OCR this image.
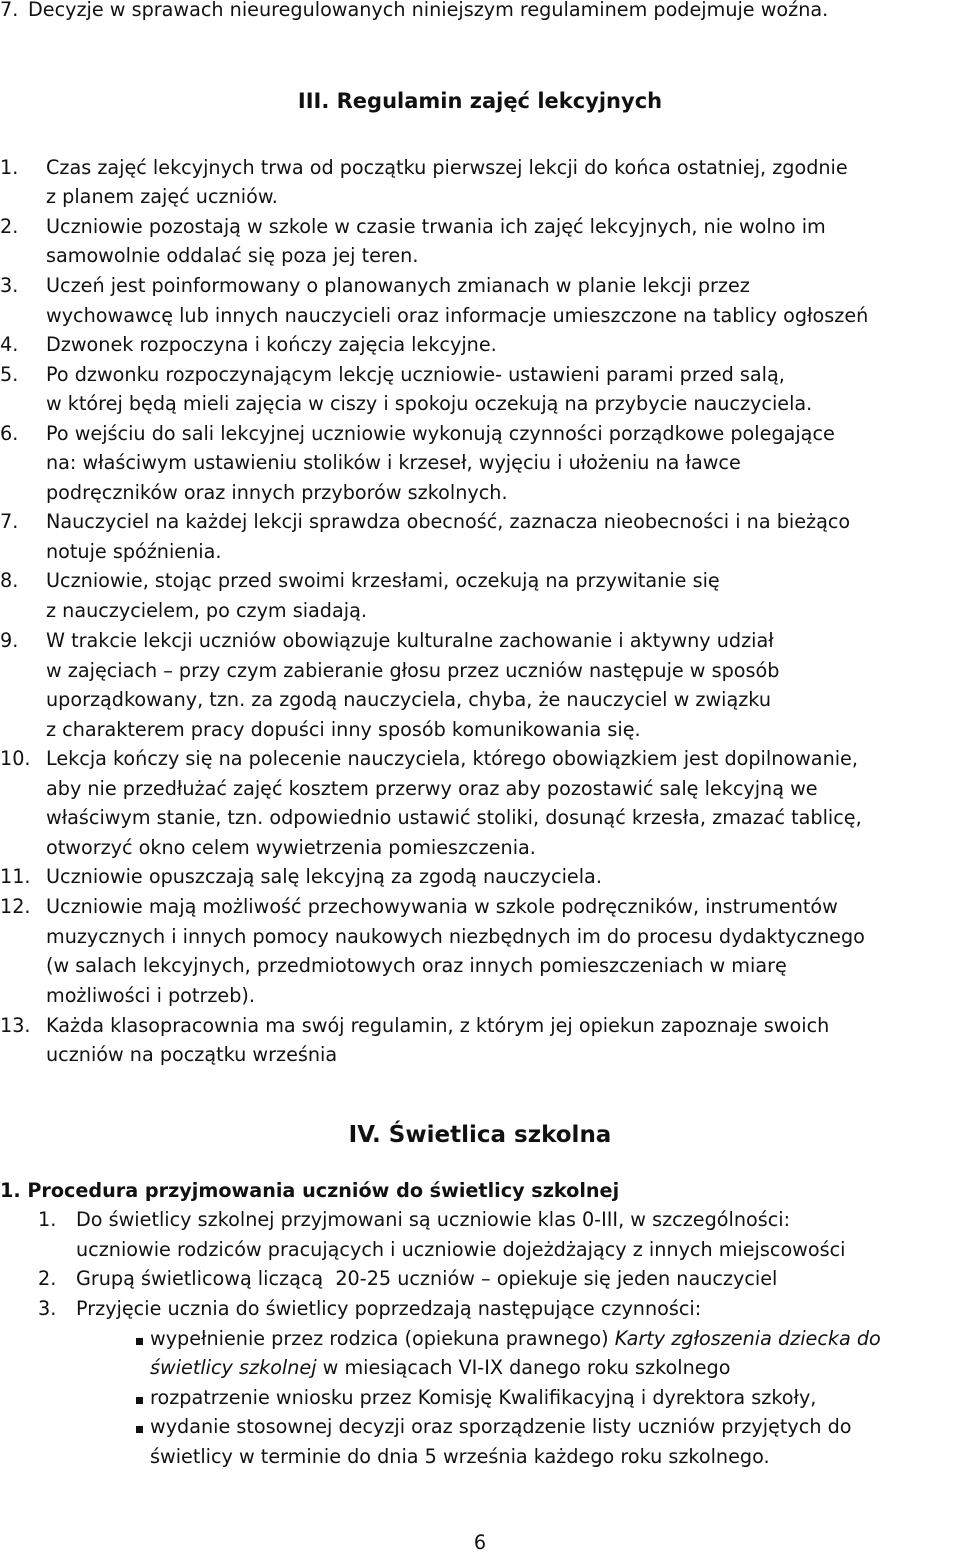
7. Decyzje w sprawach nieuregulowanych niniejszym regulaminem podejmuje woźna.
III. Regulamin zajęć lekcyjnych
1.	Czas zajęć lekcyjnych trwa od początku pierwszej lekcji do końca ostatniej, zgodnie
z planem zajęć uczniów.
2.	Uczniowie pozostają w szkole w czasie trwania ich zajęć lekcyjnych, nie wolno im
samowolnie oddalać się poza jej teren.
3.	Uczeń jest poinformowany o planowanych zmianach w planie lekcji przez
wychowawcę lub innych nauczycieli oraz informacje umieszczone na tablicy ogłoszeń
4.	Dzwonek rozpoczyna i kończy zajęcia lekcyjne.
5.	Po dzwonku rozpoczynającym lekcję uczniowie- ustawieni parami przed salą,
w której będą mieli zajęcia w ciszy i spokoju oczekują na przybycie nauczyciela.
6.	Po wejściu do sali lekcyjnej uczniowie wykonują czynności porządkowe polegające
na: właściwym ustawieniu stolików i krzeseł, wyjęciu i ułożeniu na ławce
podręczników oraz innych przyborów szkolnych.
7.	Nauczyciel na każdej lekcji sprawdza obecność, zaznacza nieobecności i na bieżąco
notuje spóźnienia.
8.	Uczniowie, stojąc przed swoimi krzesłami, oczekują na przywitanie się
z nauczycielem, po czym siadają.
9.	W trakcie lekcji uczniów obowiązuje kulturalne zachowanie i aktywny udział
w zajęciach – przy czym zabieranie głosu przez uczniów następuje w sposób
uporządkowany, tzn. za zgodą nauczyciela, chyba, że nauczyciel w związku
z charakterem pracy dopuści inny sposób komunikowania się.
10. Lekcja kończy się na polecenie nauczyciela, którego obowiązkiem jest dopilnowanie,
aby nie przedłużać zajęć kosztem przerwy oraz aby pozostawić salę lekcyjną we
właściwym stanie, tzn. odpowiednio ustawić stoliki, dosunąć krzesła, zmazać tablicę,
otworzyć okno celem wywietrzenia pomieszczenia.
11. Uczniowie opuszczają salę lekcyjną za zgodą nauczyciela.
12. Uczniowie mają możliwość przechowywania w szkole podręczników, instrumentów
muzycznych i innych pomocy naukowych niezbędnych im do procesu dydaktycznego
(w salach lekcyjnych, przedmiotowych oraz innych pomieszczeniach w miarę
możliwości i potrzeb).
13. Każda klasopracownia ma swój regulamin, z którym jej opiekun zapoznaje swoich
uczniów na początku września
IV. Świetlica szkolna
1. Procedura przyjmowania uczniów do świetlicy szkolnej
1.	Do świetlicy szkolnej przyjmowani są uczniowie klas 0-III, w szczególności:
uczniowie rodziców pracujących i uczniowie dojeżdżający z innych miejscowości
2.	Grupą świetlicową liczącą  20-25 uczniów – opiekuje się jeden nauczyciel
3.	Przyjęcie ucznia do świetlicy poprzedzają następujące czynności:
wypełnienie przez rodzica (opiekuna prawnego) Karty zgłoszenia dziecka do
świetlicy szkolnej w miesiącach VI-IX danego roku szkolnego
rozpatrzenie wniosku przez Komisję Kwalifikacyjną i dyrektora szkoły,
wydanie stosownej decyzji oraz sporządzenie listy uczniów przyjętych do
świetlicy w terminie do dnia 5 września każdego roku szkolnego.
6
